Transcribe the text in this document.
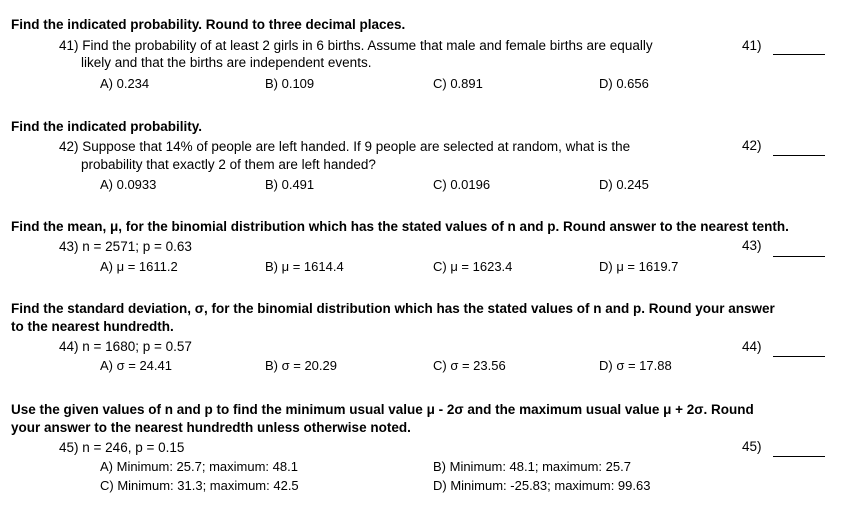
Find the indicated probability. Round to three decimal places.
41) Find the probability of at least 2 girls in 6 births. Assume that male and female births are equally
likely and that the births are independent events.
A) 0.234	B) 0.109	C) 0.891	D) 0.656
41)
Find the indicated probability.
42) Suppose that 14% of people are left handed. If 9 people are selected at random, what is the
probability that exactly 2 of them are left handed?
A) 0.0933	B) 0.491	C) 0.0196	D) 0.245
42)
Find the mean, μ, for the binomial distribution which has the stated values of n and p. Round answer to the nearest tenth.
43) n = 2571; p = 0.63
A) μ = 1611.2	B) μ = 1614.4	C) μ = 1623.4	D) μ = 1619.7
43)
Find the standard deviation, σ, for the binomial distribution which has the stated values of n and p. Round your answer
to the nearest hundredth.
44) n = 1680; p = 0.57
A) σ = 24.41	B) σ = 20.29	C) σ = 23.56	D) σ = 17.88
44)
Use the given values of n and p to find the minimum usual value μ - 2σ and the maximum usual value μ + 2σ. Round
your answer to the nearest hundredth unless otherwise noted.
45) n = 246, p = 0.15
A) Minimum: 25.7; maximum: 48.1	B) Minimum: 48.1; maximum: 25.7
C) Minimum: 31.3; maximum: 42.5	D) Minimum: -25.83; maximum: 99.63
45)
